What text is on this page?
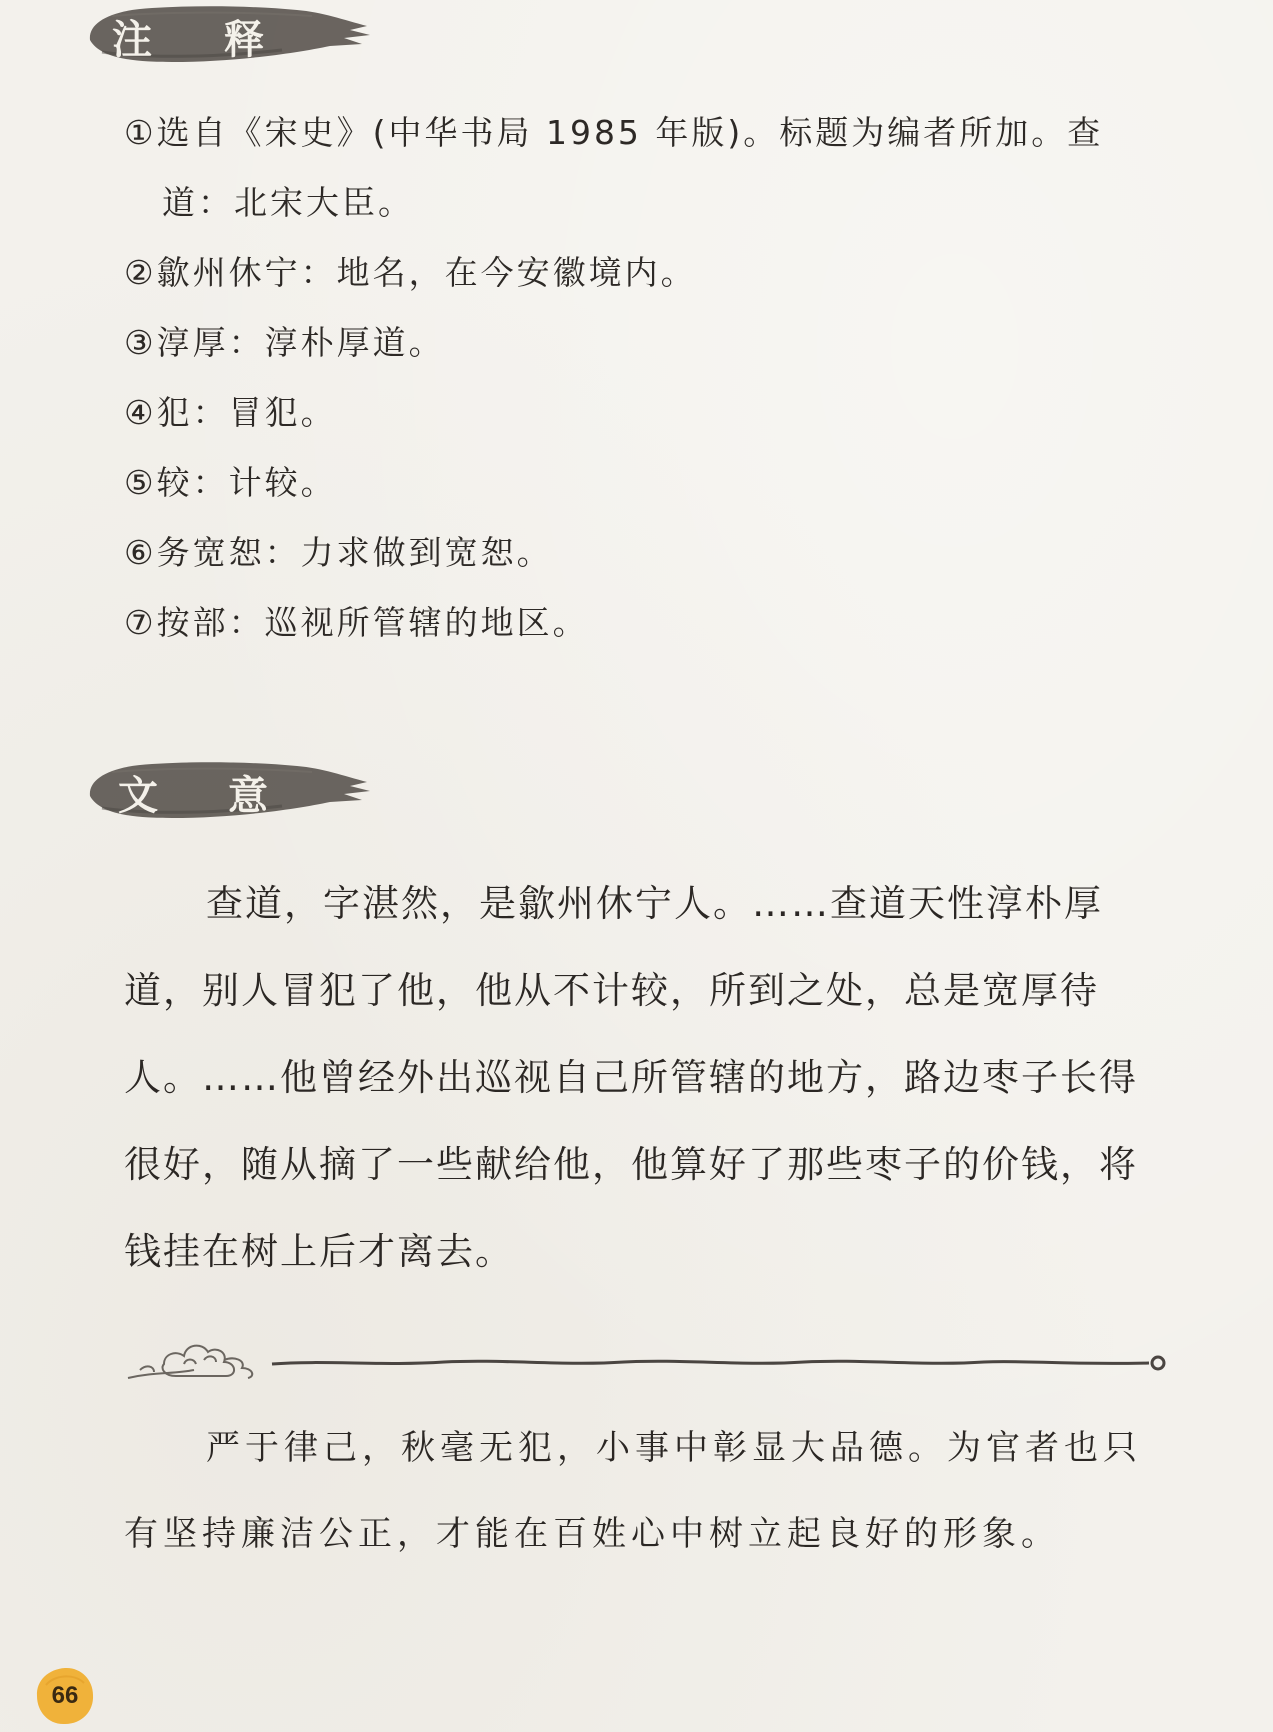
注 释
①选自《宋史》(中华书局 1985 年版)。标题为编者所加。查
道：北宋大臣。
②歙州休宁：地名，在今安徽境内。
③淳厚：淳朴厚道。
④犯：冒犯。
⑤较：计较。
⑥务宽恕：力求做到宽恕。
⑦按部：巡视所管辖的地区。
文 意
查道，字湛然，是歙州休宁人。……查道天性淳朴厚
道，别人冒犯了他，他从不计较，所到之处，总是宽厚待
人。……他曾经外出巡视自己所管辖的地方，路边枣子长得
很好，随从摘了一些献给他，他算好了那些枣子的价钱，将
钱挂在树上后才离去。
严于律己，秋毫无犯，小事中彰显大品德。为官者也只
有坚持廉洁公正，才能在百姓心中树立起良好的形象。
66
